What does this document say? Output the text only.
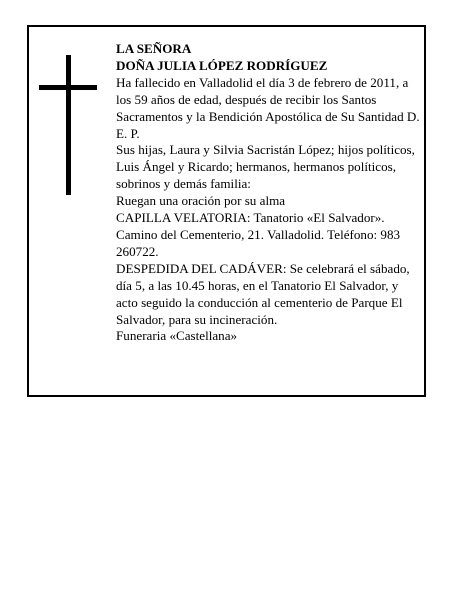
LA SEÑORA

DOÑA JULIA LÓPEZ RODRÍGUEZ

Ha fallecido en Valladolid el día 3 de febrero de 2011, a los 59 años de edad, después de recibir los Santos Sacramentos y la Bendición Apostólica de Su Santidad D. E. P.

Sus hijas, Laura y Silvia Sacristán López; hijos políticos, Luis Ángel y Ricardo; hermanos, hermanos políticos, sobrinos y demás familia:

Ruegan una oración por su alma

CAPILLA VELATORIA: Tanatorio «El Salvador». Camino del Cementerio, 21. Valladolid. Teléfono: 983 260722.

DESPEDIDA DEL CADÁVER: Se celebrará el sábado, día 5, a las 10.45 horas, en el Tanatorio El Salvador, y acto seguido la conducción al cementerio de Parque El Salvador, para su incineración.

Funeraria «Castellana»
